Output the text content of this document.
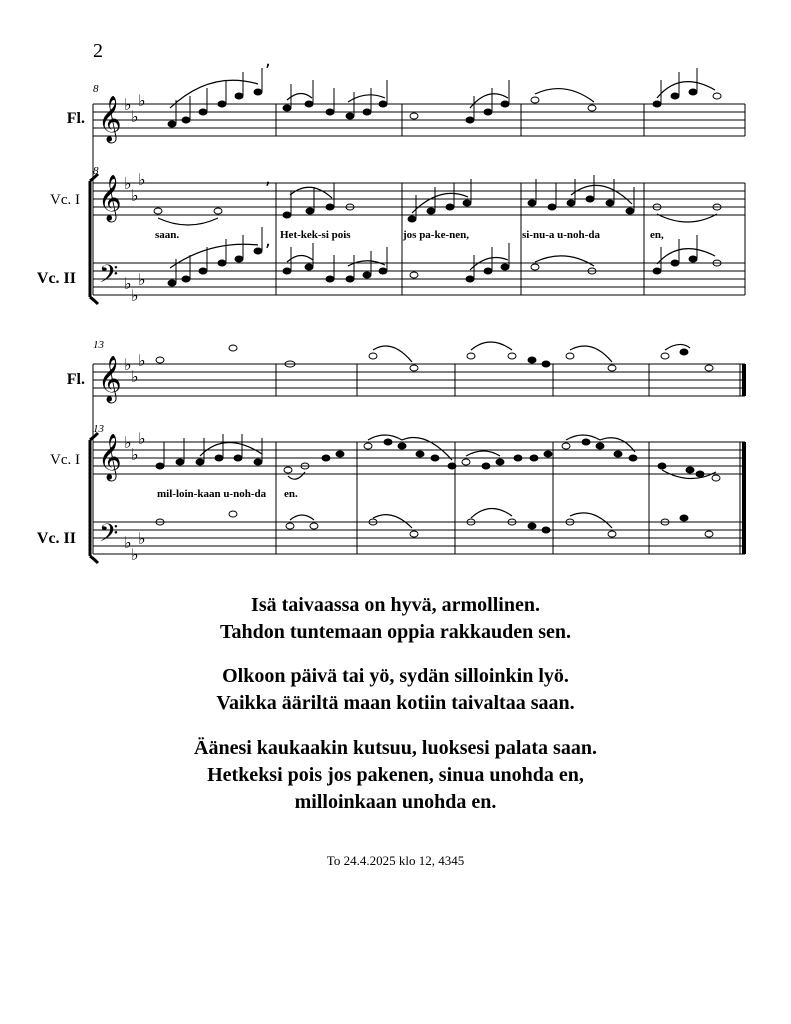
2
8
8
Fl.
Vc. I
Vc. II
saan.	Het-kek-si pois	jos pa-ke-nen,	si-nu-a u-noh-da	en,
13
13
Fl.
Vc. I
Vc. II
mil-loin-kaan u-noh-da en.
𝄞
𝄞
𝄢
𝄞
𝄞
𝄢
♭
♭
♭
♭
♭
♭
♭
♭
♭
♭
♭
♭
♭
♭
♭
♭
♭
♭
,
,
,
Isä taivaassa on hyvä, armollinen.
Tahdon tuntemaan oppia rakkauden sen.
Olkoon päivä tai yö, sydän silloinkin lyö.
Vaikka ääriltä maan kotiin taivaltaa saan.
Äänesi kaukaakin kutsuu, luoksesi palata saan.
Hetkeksi pois jos pakenen, sinua unohda en,
milloinkaan unohda en.
To 24.4.2025 klo 12, 4345
